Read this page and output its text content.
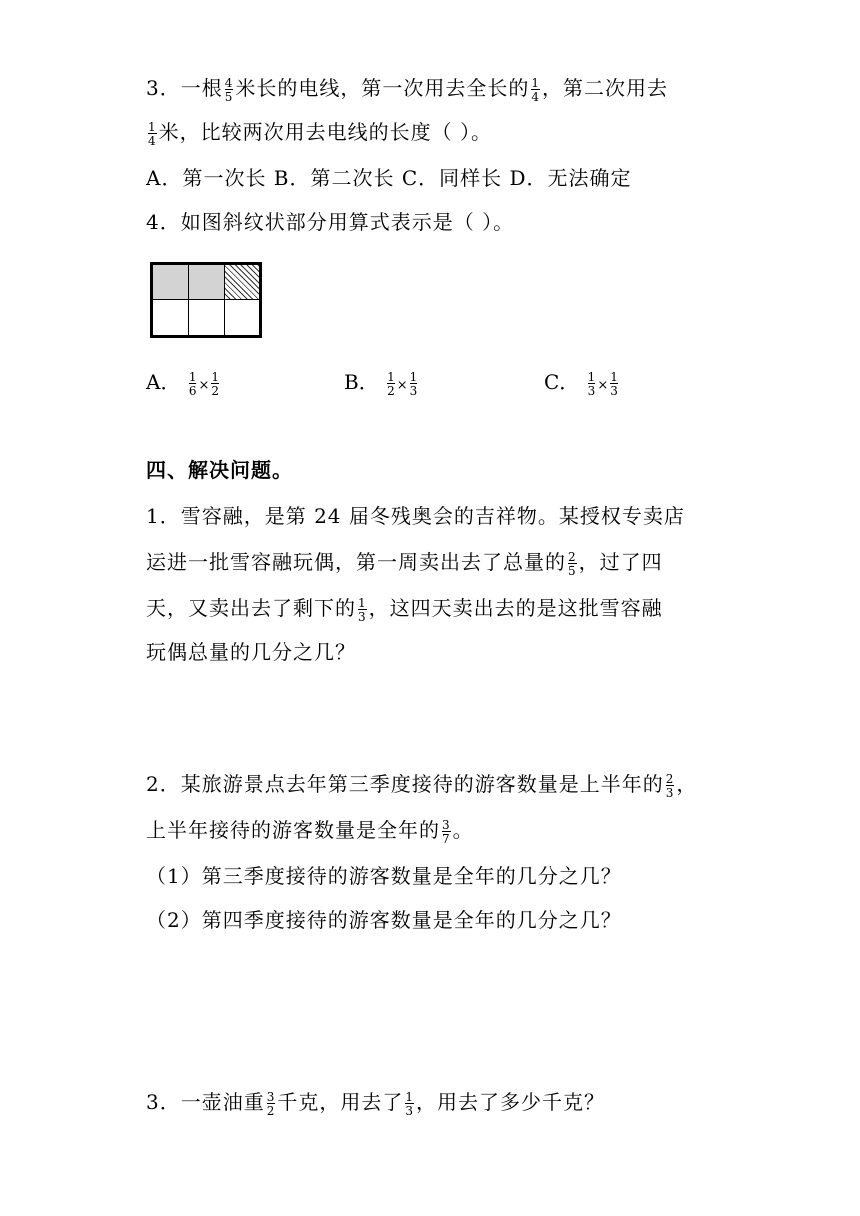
3．一根 $\frac{4}{5}$ 米长的电线，第一次用去全长的 $\frac{1}{4}$ ，第二次用去
$\frac{1}{4}$ 米，比较两次用去电线的长度（ ）。
A．第一次长 B．第二次长 C．同样长 D．无法确定
4．如图斜纹状部分用算式表示是（ ）。
A． $\frac{1}{6} \times \frac{1}{2}$	B． $\frac{1}{2} \times \frac{1}{3}$	C． $\frac{1}{3} \times \frac{1}{3}$
四、解决问题。
1．雪容融，是第 24 届冬残奥会的吉祥物。某授权专卖店
运进一批雪容融玩偶，第一周卖出去了总量的 $\frac{2}{5}$ ，过了四
天，又卖出去了剩下的 $\frac{1}{3}$ ，这四天卖出去的是这批雪容融
玩偶总量的几分之几？
2．某旅游景点去年第三季度接待的游客数量是上半年的 $\frac{2}{3}$ ，
上半年接待的游客数量是全年的 $\frac{3}{7}$ 。
（1）第三季度接待的游客数量是全年的几分之几？
（2）第四季度接待的游客数量是全年的几分之几？
3．一壶油重 $\frac{3}{2}$ 千克，用去了 $\frac{1}{3}$ ，用去了多少千克？
